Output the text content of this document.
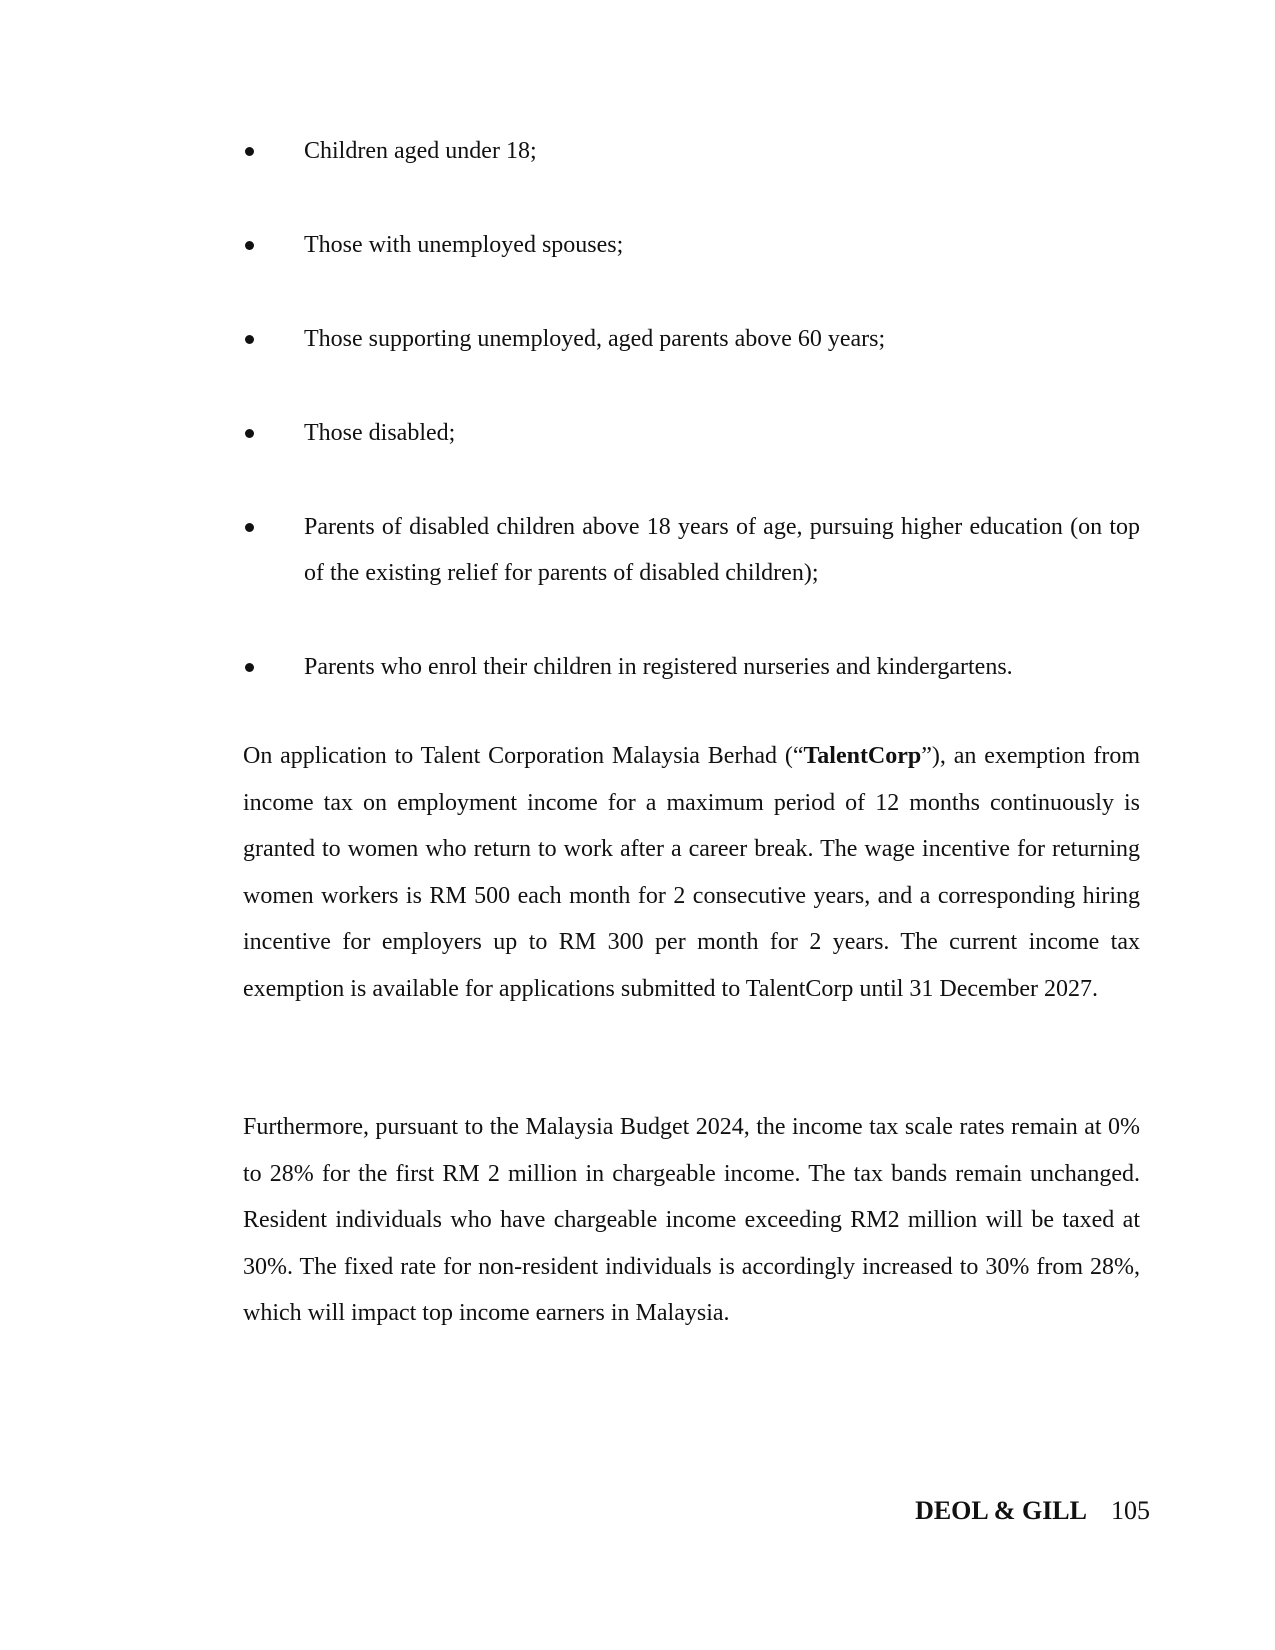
Children aged under 18;
Those with unemployed spouses;
Those supporting unemployed, aged parents above 60 years;
Those disabled;
Parents of disabled children above 18 years of age, pursuing higher education (on top of the existing relief for parents of disabled children);
Parents who enrol their children in registered nurseries and kindergartens.

On application to Talent Corporation Malaysia Berhad (“TalentCorp”), an exemption from income tax on employment income for a maximum period of 12 months continuously is granted to women who return to work after a career break. The wage incentive for returning women workers is RM 500 each month for 2 consecutive years, and a corresponding hiring incentive for employers up to RM 300 per month for 2 years. The current income tax exemption is available for applications submitted to TalentCorp until 31 December 2027.

Furthermore, pursuant to the Malaysia Budget 2024, the income tax scale rates remain at 0% to 28% for the first RM 2 million in chargeable income. The tax bands remain unchanged. Resident individuals who have chargeable income exceeding RM2 million will be taxed at 30%. The fixed rate for non-resident individuals is accordingly increased to 30% from 28%, which will impact top income earners in Malaysia.

DEOL & GILL 105
